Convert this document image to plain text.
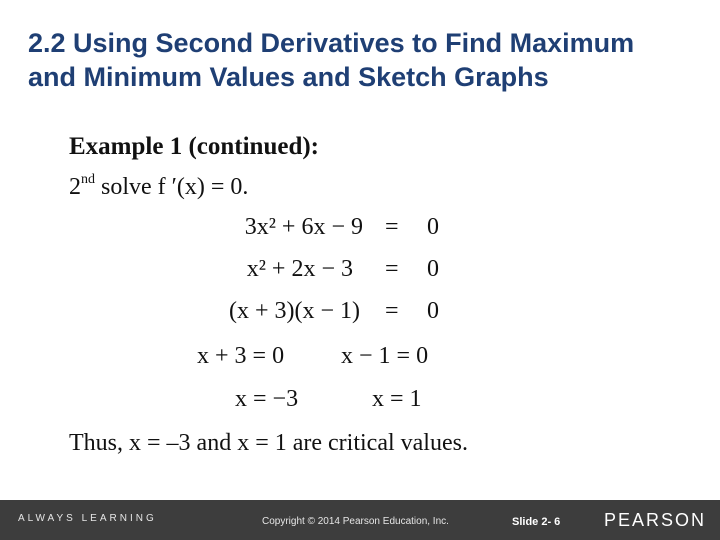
2.2 Using Second Derivatives to Find Maximum and Minimum Values and Sketch Graphs
Example 1 (continued):
2nd solve f ′(x) = 0.
3x² + 6x − 9 = 0
x² + 2x − 3 = 0
(x + 3)(x − 1) = 0
x + 3 = 0 x − 1 = 0
x = −3	x = 1
Thus, x = –3 and x = 1 are critical values.
ALWAYS LEARNING	Copyright © 2014 Pearson Education, Inc.	Slide 2- 6 PEARSON
